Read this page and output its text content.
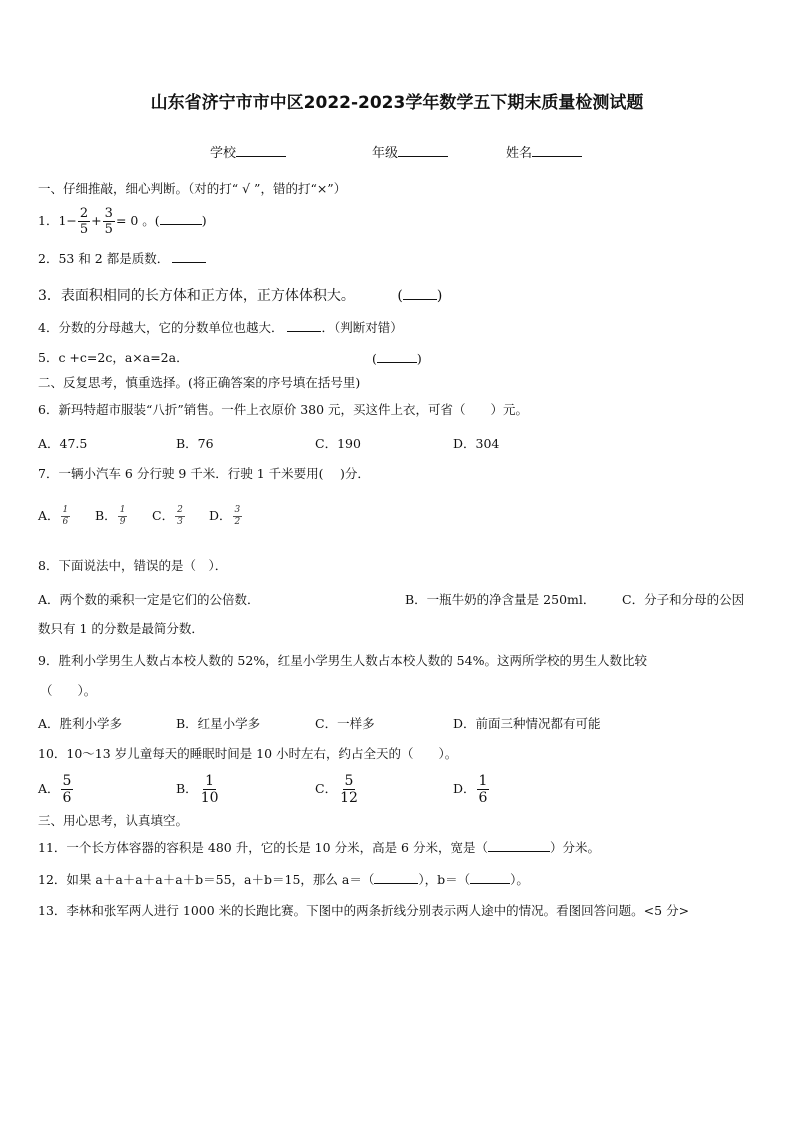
山东省济宁市市中区2022-2023学年数学五下期末质量检测试题
学校	年级	姓名
一、仔细推敲，细心判断。（对的打“ √ ”，错的打“×”）
1．$1- \frac{2}{5} + \frac{3}{5} = 0$ 。(	)
2．53 和 2 都是质数．
3．表面积相同的长方体和正方体，正方体体积大。	( )
4．分数的分母越大，它的分数单位也越大．	．（判断对错）
5．c +c=2c，a×a=2a．	(	)
二、反复思考，慎重选择。(将正确答案的序号填在括号里)
6．新玛特超市服装“八折”销售。一件上衣原价 380 元，买这件上衣，可省（　　）元。
A．47.5	B．76	C．190	D．304
7．一辆小汽车 6 分行驶 9 千米．行驶 1 千米要用(　 )分．
A． $\frac{1}{6}$ B． $\frac{1}{9}$ C． $\frac{2}{3}$ D． $\frac{3}{2}$
8．下面说法中，错误的是（　）．
A．两个数的乘积一定是它们的公倍数．	B．一瓶牛奶的净含量是 250ml． C．分子和分母的公因
数只有 1 的分数是最简分数．
9．胜利小学男生人数占本校人数的 52%，红星小学男生人数占本校人数的 54%。这两所学校的男生人数比较
（　　）。
A．胜利小学多	B．红星小学多	C．一样多	D．前面三种情况都有可能
10．10～13 岁儿童每天的睡眠时间是 10 小时左右，约占全天的（　　）。
A． $\frac{5}{6}$	B． $\frac{1}{10}$	C． $\frac{5}{12}$	D． $\frac{1}{6}$
三、用心思考，认真填空。
11．一个长方体容器的容积是 480 升，它的长是 10 分米，高是 6 分米，宽是（	）分米。
12．如果 a＋a＋a＋a＋a＋b＝55，a＋b＝15，那么 a＝（	），b＝（	）。
13．李林和张军两人进行 1000 米的长跑比赛。下图中的两条折线分别表示两人途中的情况。看图回答问题。<5 分>
